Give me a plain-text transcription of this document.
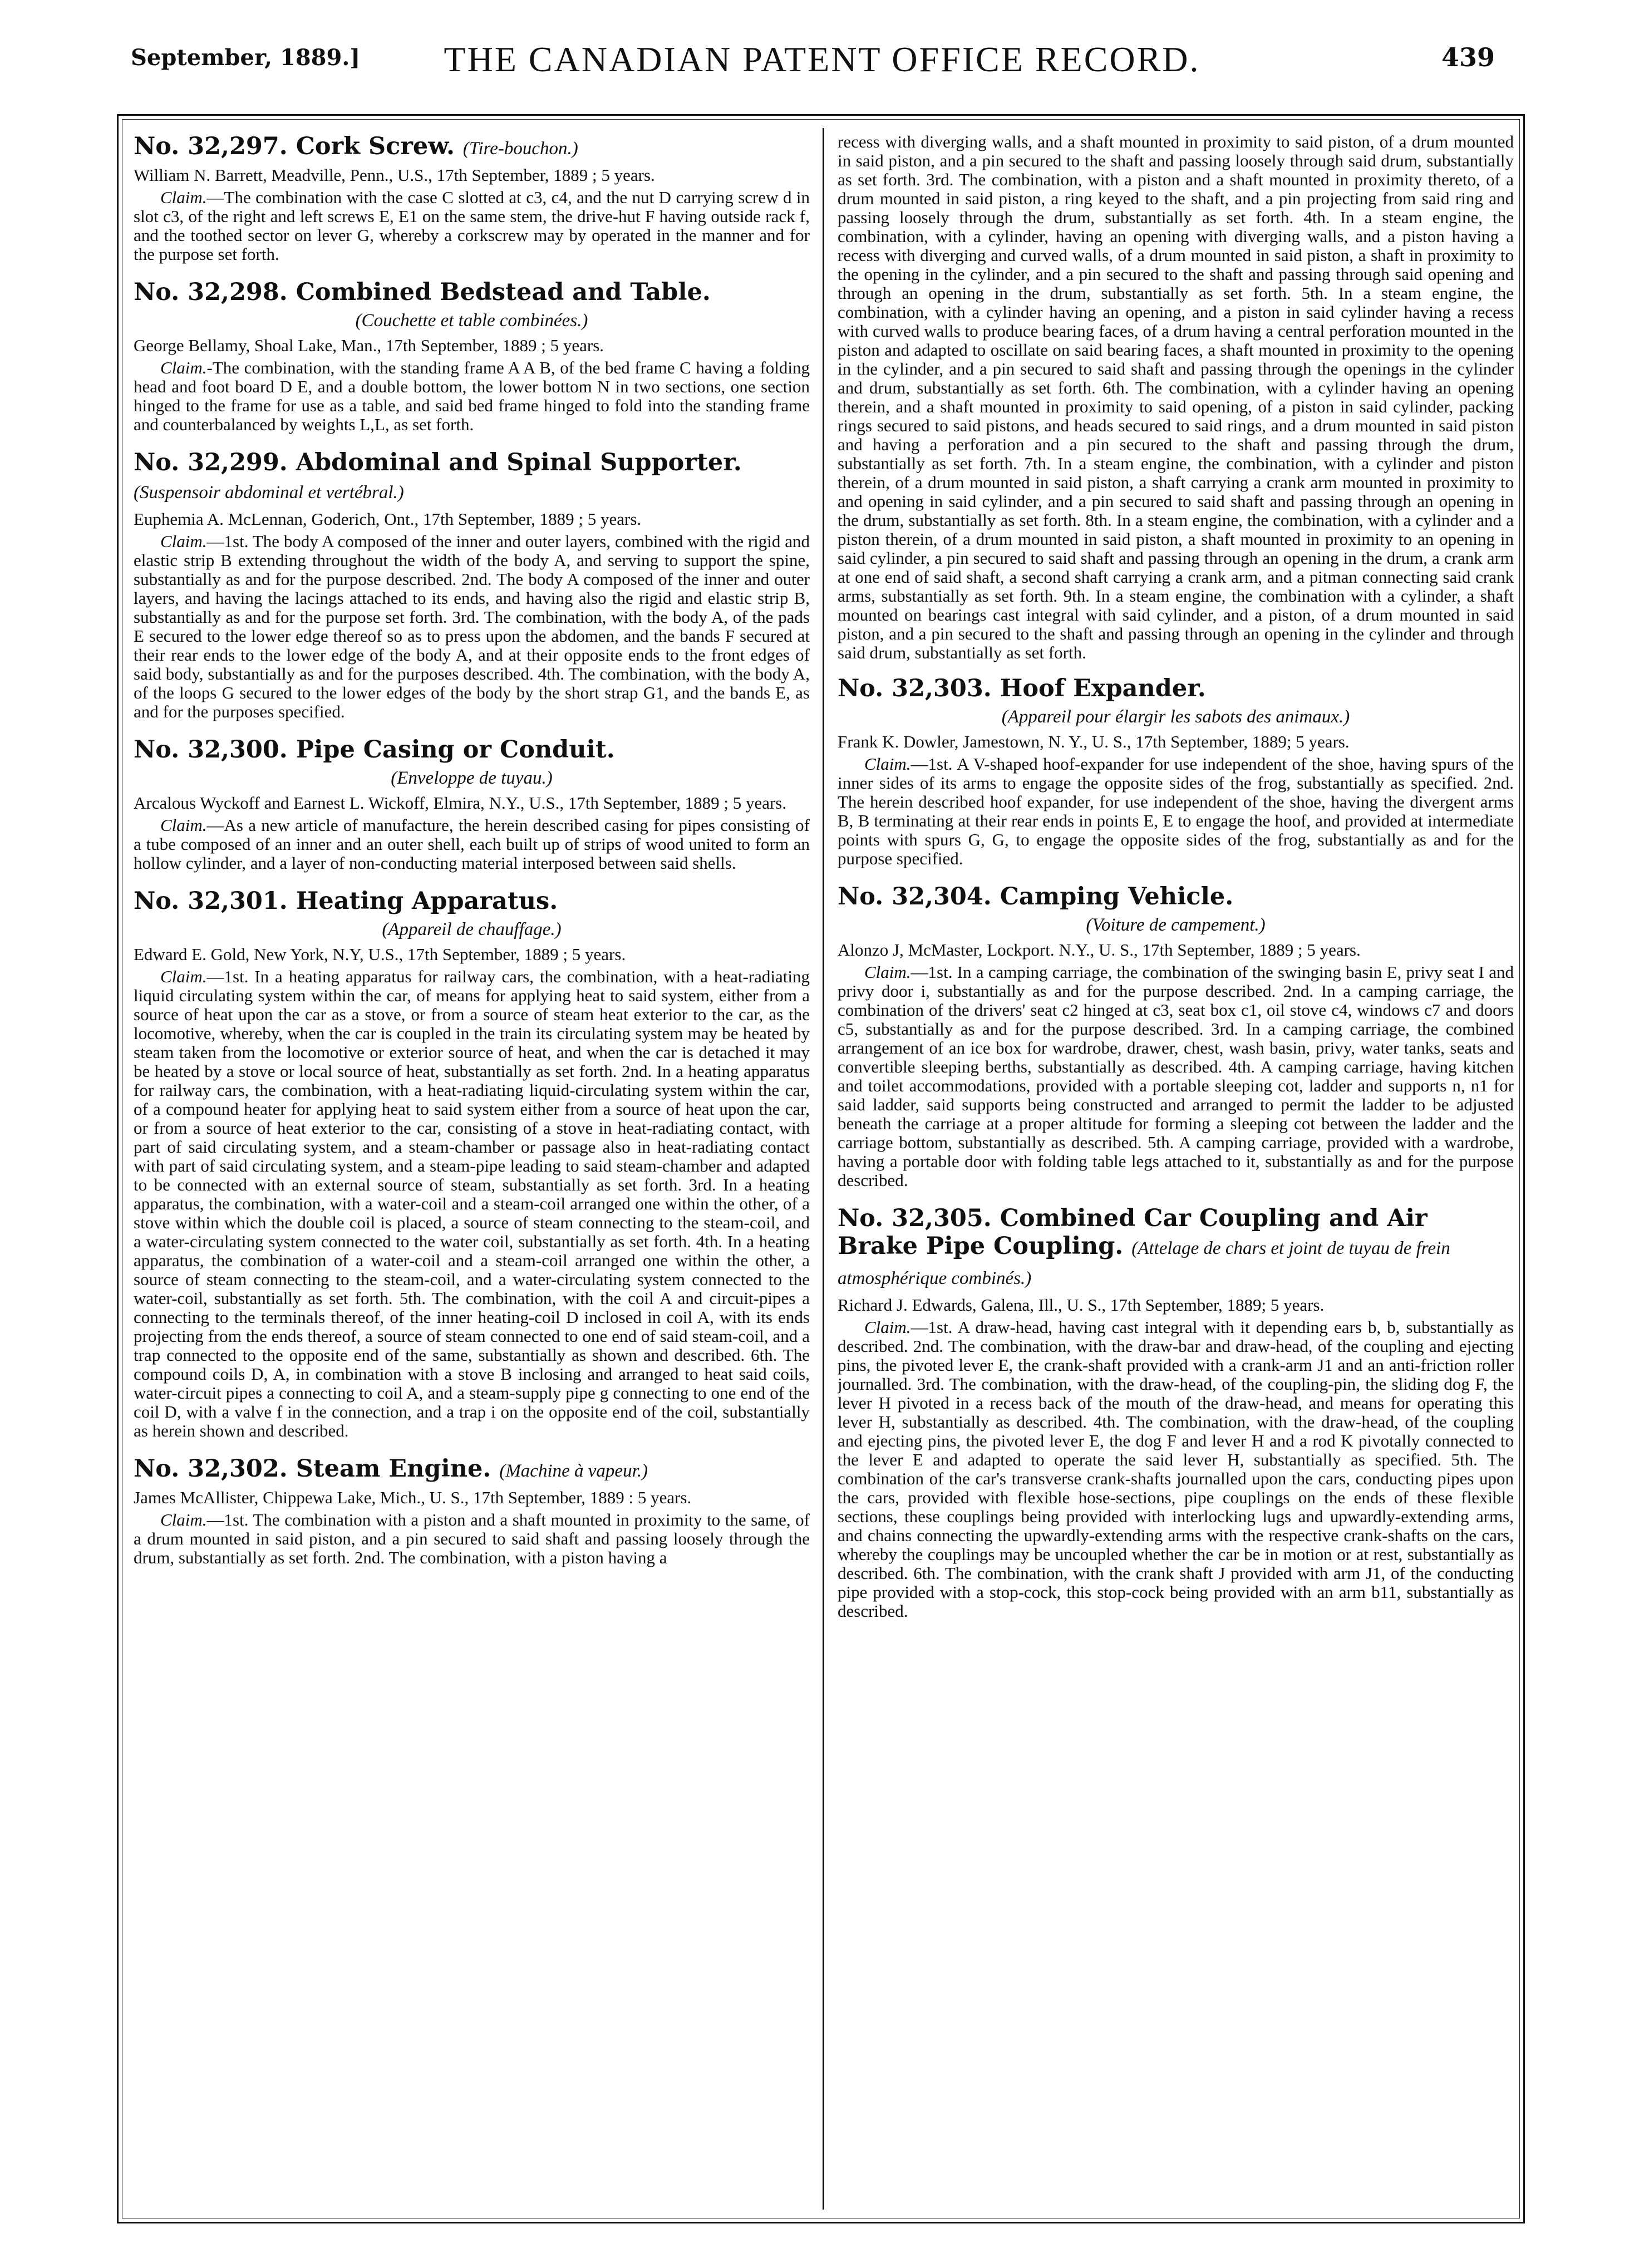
September, 1889.]	THE CANADIAN PATENT OFFICE RECORD.	439
No. 32,297. Cork Screw. (Tire-bouchon.)

William N. Barrett, Meadville, Penn., U.S., 17th September, 1889 ; 5 years.

Claim.—The combination with the case C slotted at c3, c4, and the nut D carrying screw d in slot c3, of the right and left screws E, E1 on the same stem, the drive-hut F having outside rack f, and the toothed sector on lever G, whereby a corkscrew may by operated in the manner and for the purpose set forth.

No. 32,298. Combined Bedstead and Table.
(Couchette et table combinées.)

George Bellamy, Shoal Lake, Man., 17th September, 1889 ; 5 years.

Claim.-The combination, with the standing frame A A B, of the bed frame C having a folding head and foot board D E, and a double bottom, the lower bottom N in two sections, one section hinged to the frame for use as a table, and said bed frame hinged to fold into the standing frame and counterbalanced by weights L,L, as set forth.

No. 32,299. Abdominal and Spinal Supporter. (Suspensoir abdominal et vertébral.)

Euphemia A. McLennan, Goderich, Ont., 17th September, 1889 ; 5 years.

Claim.—1st. The body A composed of the inner and outer layers, combined with the rigid and elastic strip B extending throughout the width of the body A, and serving to support the spine, substantially as and for the purpose described. 2nd. The body A composed of the inner and outer layers, and having the lacings attached to its ends, and having also the rigid and elastic strip B, substantially as and for the purpose set forth. 3rd. The combination, with the body A, of the pads E secured to the lower edge thereof so as to press upon the abdomen, and the bands F secured at their rear ends to the lower edge of the body A, and at their opposite ends to the front edges of said body, substantially as and for the purposes described. 4th. The combination, with the body A, of the loops G secured to the lower edges of the body by the short strap G1, and the bands E, as and for the purposes specified.

No. 32,300. Pipe Casing or Conduit.
(Enveloppe de tuyau.)

Arcalous Wyckoff and Earnest L. Wickoff, Elmira, N.Y., U.S., 17th September, 1889 ; 5 years.

Claim.—As a new article of manufacture, the herein described casing for pipes consisting of a tube composed of an inner and an outer shell, each built up of strips of wood united to form an hollow cylinder, and a layer of non-conducting material interposed between said shells.

No. 32,301. Heating Apparatus.
(Appareil de chauffage.)

Edward E. Gold, New York, N.Y, U.S., 17th September, 1889 ; 5 years.

Claim.—1st. In a heating apparatus for railway cars, the combination, with a heat-radiating liquid circulating system within the car, of means for applying heat to said system, either from a source of heat upon the car as a stove, or from a source of steam heat exterior to the car, as the locomotive, whereby, when the car is coupled in the train its circulating system may be heated by steam taken from the locomotive or exterior source of heat, and when the car is detached it may be heated by a stove or local source of heat, substantially as set forth. 2nd. In a heating apparatus for railway cars, the combination, with a heat-radiating liquid-circulating system within the car, of a compound heater for applying heat to said system either from a source of heat upon the car, or from a source of heat exterior to the car, consisting of a stove in heat-radiating contact, with part of said circulating system, and a steam-chamber or passage also in heat-radiating contact with part of said circulating system, and a steam-pipe leading to said steam-chamber and adapted to be connected with an external source of steam, substantially as set forth. 3rd. In a heating apparatus, the combination, with a water-coil and a steam-coil arranged one within the other, of a stove within which the double coil is placed, a source of steam connecting to the steam-coil, and a water-circulating system connected to the water coil, substantially as set forth. 4th. In a heating apparatus, the combination of a water-coil and a steam-coil arranged one within the other, a source of steam connecting to the steam-coil, and a water-circulating system connected to the water-coil, substantially as set forth. 5th. The combination, with the coil A and circuit-pipes a connecting to the terminals thereof, of the inner heating-coil D inclosed in coil A, with its ends projecting from the ends thereof, a source of steam connected to one end of said steam-coil, and a trap connected to the opposite end of the same, substantially as shown and described. 6th. The compound coils D, A, in combination with a stove B inclosing and arranged to heat said coils, water-circuit pipes a connecting to coil A, and a steam-supply pipe g connecting to one end of the coil D, with a valve f in the connection, and a trap i on the opposite end of the coil, substantially as herein shown and described.

No. 32,302. Steam Engine. (Machine à vapeur.)

James McAllister, Chippewa Lake, Mich., U. S., 17th September, 1889 : 5 years.

Claim.—1st. The combination with a piston and a shaft mounted in proximity to the same, of a drum mounted in said piston, and a pin secured to said shaft and passing loosely through the drum, substantially as set forth. 2nd. The combination, with a piston having a

recess with diverging walls, and a shaft mounted in proximity to said piston, of a drum mounted in said piston, and a pin secured to the shaft and passing loosely through said drum, substantially as set forth. 3rd. The combination, with a piston and a shaft mounted in proximity thereto, of a drum mounted in said piston, a ring keyed to the shaft, and a pin projecting from said ring and passing loosely through the drum, substantially as set forth. 4th. In a steam engine, the combination, with a cylinder, having an opening with diverging walls, and a piston having a recess with diverging and curved walls, of a drum mounted in said piston, a shaft in proximity to the opening in the cylinder, and a pin secured to the shaft and passing through said opening and through an opening in the drum, substantially as set forth. 5th. In a steam engine, the combination, with a cylinder having an opening, and a piston in said cylinder having a recess with curved walls to produce bearing faces, of a drum having a central perforation mounted in the piston and adapted to oscillate on said bearing faces, a shaft mounted in proximity to the opening in the cylinder, and a pin secured to said shaft and passing through the openings in the cylinder and drum, substantially as set forth. 6th. The combination, with a cylinder having an opening therein, and a shaft mounted in proximity to said opening, of a piston in said cylinder, packing rings secured to said pistons, and heads secured to said rings, and a drum mounted in said piston and having a perforation and a pin secured to the shaft and passing through the drum, substantially as set forth. 7th. In a steam engine, the combination, with a cylinder and piston therein, of a drum mounted in said piston, a shaft carrying a crank arm mounted in proximity to and opening in said cylinder, and a pin secured to said shaft and passing through an opening in the drum, substantially as set forth. 8th. In a steam engine, the combination, with a cylinder and a piston therein, of a drum mounted in said piston, a shaft mounted in proximity to an opening in said cylinder, a pin secured to said shaft and passing through an opening in the drum, a crank arm at one end of said shaft, a second shaft carrying a crank arm, and a pitman connecting said crank arms, substantially as set forth. 9th. In a steam engine, the combination with a cylinder, a shaft mounted on bearings cast integral with said cylinder, and a piston, of a drum mounted in said piston, and a pin secured to the shaft and passing through an opening in the cylinder and through said drum, substantially as set forth.

No. 32,303. Hoof Expander.
(Appareil pour élargir les sabots des animaux.)

Frank K. Dowler, Jamestown, N. Y., U. S., 17th September, 1889; 5 years.

Claim.—1st. A V-shaped hoof-expander for use independent of the shoe, having spurs of the inner sides of its arms to engage the opposite sides of the frog, substantially as specified. 2nd. The herein described hoof expander, for use independent of the shoe, having the divergent arms B, B terminating at their rear ends in points E, E to engage the hoof, and provided at intermediate points with spurs G, G, to engage the opposite sides of the frog, substantially as and for the purpose specified.

No. 32,304. Camping Vehicle.
(Voiture de campement.)

Alonzo J, McMaster, Lockport. N.Y., U. S., 17th September, 1889 ; 5 years.

Claim.—1st. In a camping carriage, the combination of the swinging basin E, privy seat I and privy door i, substantially as and for the purpose described. 2nd. In a camping carriage, the combination of the drivers' seat c2 hinged at c3, seat box c1, oil stove c4, windows c7 and doors c5, substantially as and for the purpose described. 3rd. In a camping carriage, the combined arrangement of an ice box for wardrobe, drawer, chest, wash basin, privy, water tanks, seats and convertible sleeping berths, substantially as described. 4th. A camping carriage, having kitchen and toilet accommodations, provided with a portable sleeping cot, ladder and supports n, n1 for said ladder, said supports being constructed and arranged to permit the ladder to be adjusted beneath the carriage at a proper altitude for forming a sleeping cot between the ladder and the carriage bottom, substantially as described. 5th. A camping carriage, provided with a wardrobe, having a portable door with folding table legs attached to it, substantially as and for the purpose described.

No. 32,305. Combined Car Coupling and Air Brake Pipe Coupling. (Attelage de chars et joint de tuyau de frein atmosphérique combinés.)

Richard J. Edwards, Galena, Ill., U. S., 17th September, 1889; 5 years.

Claim.—1st. A draw-head, having cast integral with it depending ears b, b, substantially as described. 2nd. The combination, with the draw-bar and draw-head, of the coupling and ejecting pins, the pivoted lever E, the crank-shaft provided with a crank-arm J1 and an anti-friction roller journalled. 3rd. The combination, with the draw-head, of the coupling-pin, the sliding dog F, the lever H pivoted in a recess back of the mouth of the draw-head, and means for operating this lever H, substantially as described. 4th. The combination, with the draw-head, of the coupling and ejecting pins, the pivoted lever E, the dog F and lever H and a rod K pivotally connected to the lever E and adapted to operate the said lever H, substantially as specified. 5th. The combination of the car's transverse crank-shafts journalled upon the cars, conducting pipes upon the cars, provided with flexible hose-sections, pipe couplings on the ends of these flexible sections, these couplings being provided with interlocking lugs and upwardly-extending arms, and chains connecting the upwardly-extending arms with the respective crank-shafts on the cars, whereby the couplings may be uncoupled whether the car be in motion or at rest, substantially as described. 6th. The combination, with the crank shaft J provided with arm J1, of the conducting pipe provided with a stop-cock, this stop-cock being provided with an arm b11, substantially as described.
